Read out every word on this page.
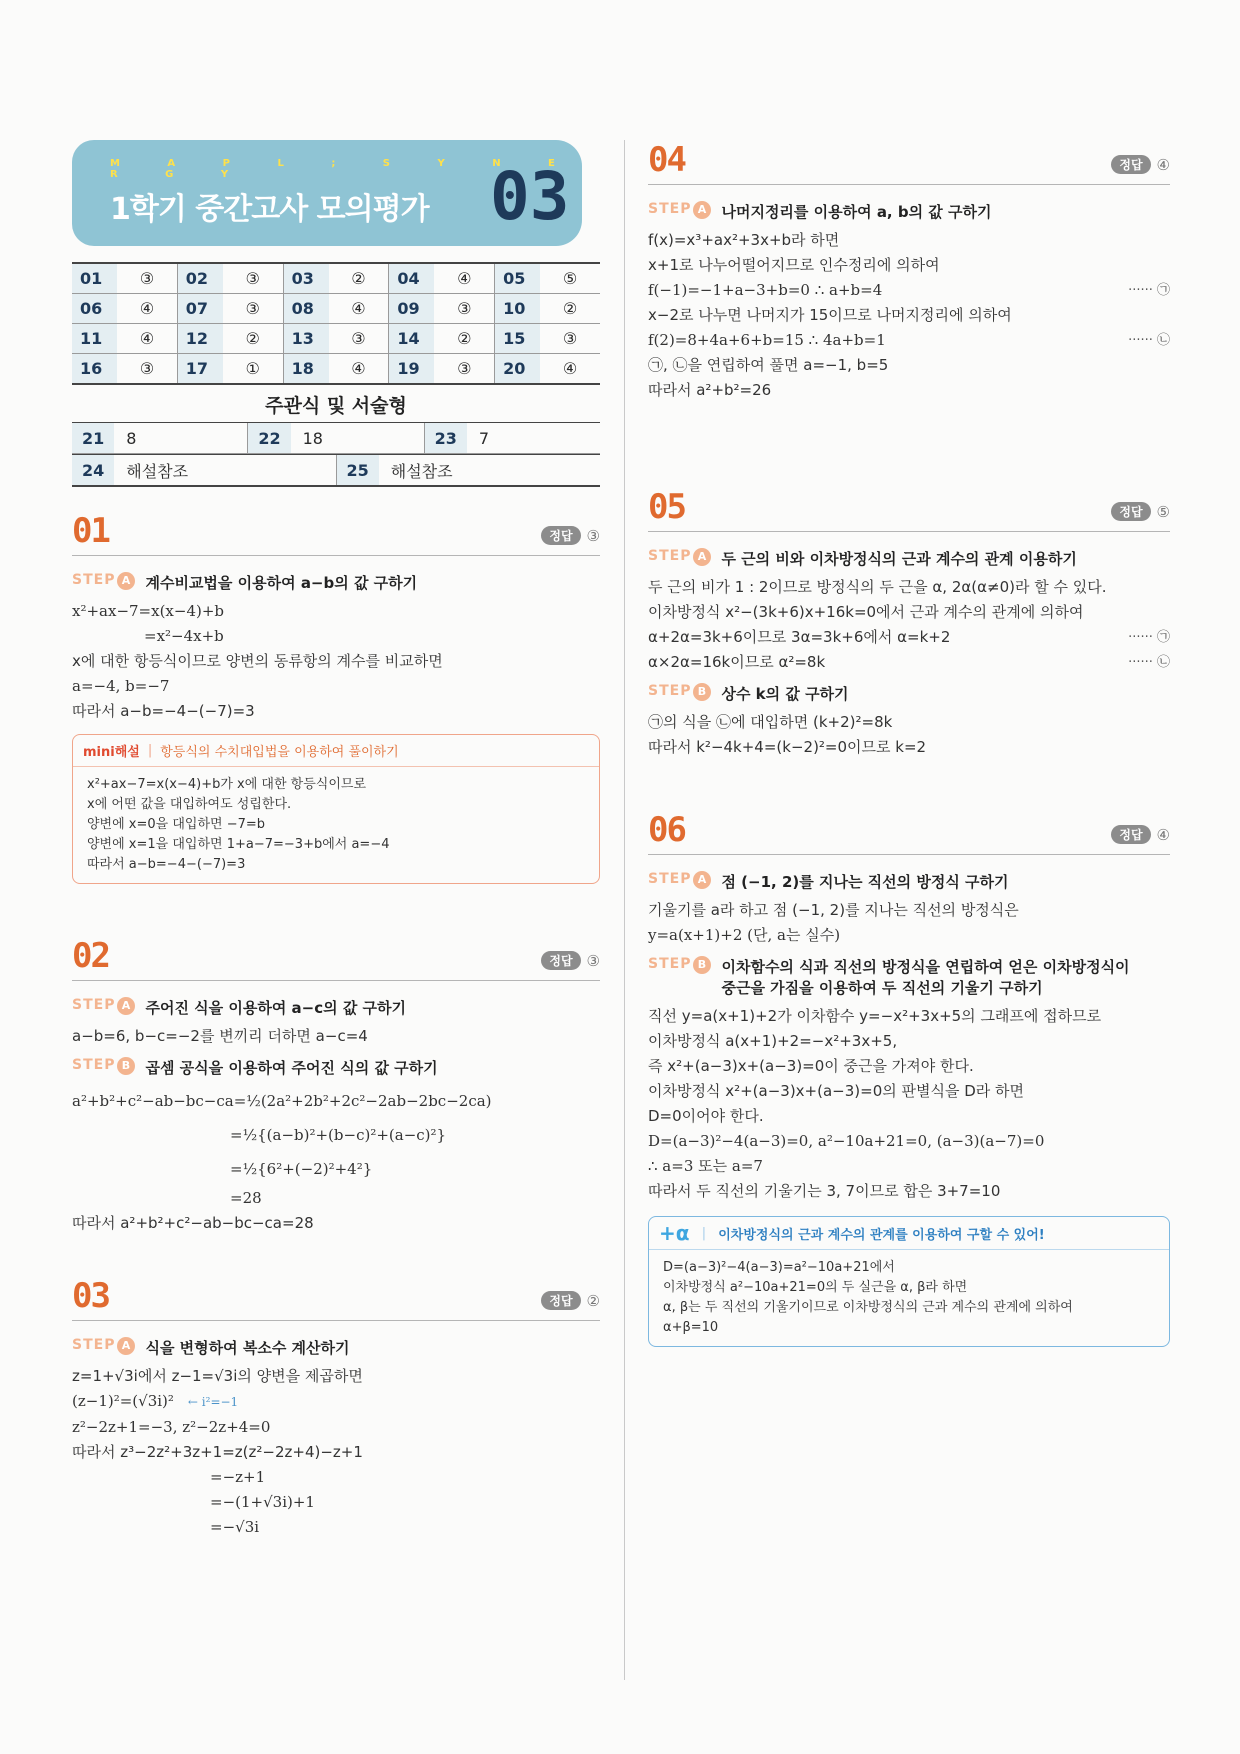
M A P L ; S Y N E R G Y
1학기 중간고사 모의평가 03
01	③	02	③	03	②	04	④	05	⑤
06	④	07	③	08	④	09	③	10	②
11	④	12	②	13	③	14	②	15	③
16	③	17	①	18	④	19	③	20	④
주관식 및 서술형
21	8	22	18	23	7
24	해설참조	25	해설참조
01	정답 ③
STEP A 계수비교법을 이용하여 a−b의 값 구하기
x²+ax−7=x(x−4)+b
=x²−4x+b
x에 대한 항등식이므로 양변의 동류항의 계수를 비교하면
a=−4, b=−7
따라서 a−b=−4−(−7)=3
mini해설 | 항등식의 수치대입법을 이용하여 풀이하기
x²+ax−7=x(x−4)+b가 x에 대한 항등식이므로
x에 어떤 값을 대입하여도 성립한다.
양변에 x=0을 대입하면 −7=b
양변에 x=1을 대입하면 1+a−7=−3+b에서 a=−4
따라서 a−b=−4−(−7)=3
02	정답 ③
STEP A 주어진 식을 이용하여 a−c의 값 구하기
a−b=6, b−c=−2를 변끼리 더하면 a−c=4
STEP B 곱셈 공식을 이용하여 주어진 식의 값 구하기
a²+b²+c²−ab−bc−ca=½(2a²+2b²+2c²−2ab−2bc−2ca)
=½{(a−b)²+(b−c)²+(a−c)²}
=½{6²+(−2)²+4²}
=28
따라서 a²+b²+c²−ab−bc−ca=28
03	정답 ②
STEP A 식을 변형하여 복소수 계산하기
z=1+√3i에서 z−1=√3i의 양변을 제곱하면
(z−1)²=(√3i)² ← i²=−1
z²−2z+1=−3, z²−2z+4=0
따라서 z³−2z²+3z+1=z(z²−2z+4)−z+1
=−z+1
=−(1+√3i)+1
=−√3i
04	정답 ④
STEP A 나머지정리를 이용하여 a, b의 값 구하기
f(x)=x³+ax²+3x+b라 하면
x+1로 나누어떨어지므로 인수정리에 의하여
f(−1)=−1+a−3+b=0 ∴ a+b=4	······ ㉠
x−2로 나누면 나머지가 15이므로 나머지정리에 의하여
f(2)=8+4a+6+b=15 ∴ 4a+b=1	······ ㉡
㉠, ㉡을 연립하여 풀면 a=−1, b=5
따라서 a²+b²=26
05	정답 ⑤
STEP A 두 근의 비와 이차방정식의 근과 계수의 관계 이용하기
두 근의 비가 1 : 2이므로 방정식의 두 근을 α, 2α(α≠0)라 할 수 있다.
이차방정식 x²−(3k+6)x+16k=0에서 근과 계수의 관계에 의하여
α+2α=3k+6이므로 3α=3k+6에서 α=k+2	······ ㉠
α×2α=16k이므로 α²=8k	······ ㉡
STEP B 상수 k의 값 구하기
㉠의 식을 ㉡에 대입하면 (k+2)²=8k
따라서 k²−4k+4=(k−2)²=0이므로 k=2
06	정답 ④
STEP A 점 (−1, 2)를 지나는 직선의 방정식 구하기
기울기를 a라 하고 점 (−1, 2)를 지나는 직선의 방정식은
y=a(x+1)+2 (단, a는 실수)
STEP B 이차함수의 식과 직선의 방정식을 연립하여 얻은 이차방정식이
중근을 가짐을 이용하여 두 직선의 기울기 구하기
직선 y=a(x+1)+2가 이차함수 y=−x²+3x+5의 그래프에 접하므로
이차방정식 a(x+1)+2=−x²+3x+5,
즉 x²+(a−3)x+(a−3)=0이 중근을 가져야 한다.
이차방정식 x²+(a−3)x+(a−3)=0의 판별식을 D라 하면
D=0이어야 한다.
D=(a−3)²−4(a−3)=0, a²−10a+21=0, (a−3)(a−7)=0
∴ a=3 또는 a=7
따라서 두 직선의 기울기는 3, 7이므로 합은 3+7=10
+α | 이차방정식의 근과 계수의 관계를 이용하여 구할 수 있어!
D=(a−3)²−4(a−3)=a²−10a+21에서
이차방정식 a²−10a+21=0의 두 실근을 α, β라 하면
α, β는 두 직선의 기울기이므로 이차방정식의 근과 계수의 관계에 의하여
α+β=10
